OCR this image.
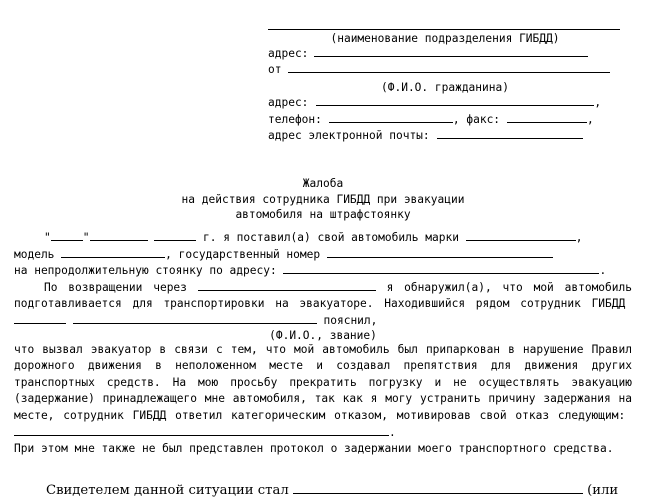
(наименование подразделения ГИБДД)
адрес:
от
(Ф.И.О. гражданина)
адрес:	,
телефон:	, факс:	,
адрес электронной почты:
Жалоба
на действия сотрудника ГИБДД при эвакуации
автомобиля на штрафстоянку
"	"	г. я поставил(а) свой автомобиль марки	,
модель	, государственный номер
на непродолжительную стоянку по адресу:	.
По возвращении через	я обнаружил(а), что мой автомобиль подготавливается для транспортировки на эвакуаторе. Находившийся рядом сотрудник ГИБДД   пояснил,
(Ф.И.О., звание)
что вызвал эвакуатор в связи с тем, что мой автомобиль был припаркован в нарушение Правил дорожного движения в неположенном месте и создавал препятствия для движения других транспортных средств. На мою просьбу прекратить погрузку и не осуществлять эвакуацию (задержание) принадлежащего мне автомобиля, так как я могу устранить причину задержания на месте, сотрудник ГИБДД ответил категорическим отказом, мотивировав свой отказ следующим: .
При этом мне также не был представлен протокол о задержании моего транспортного средства.
Свидетелем данной ситуации стал	(или
